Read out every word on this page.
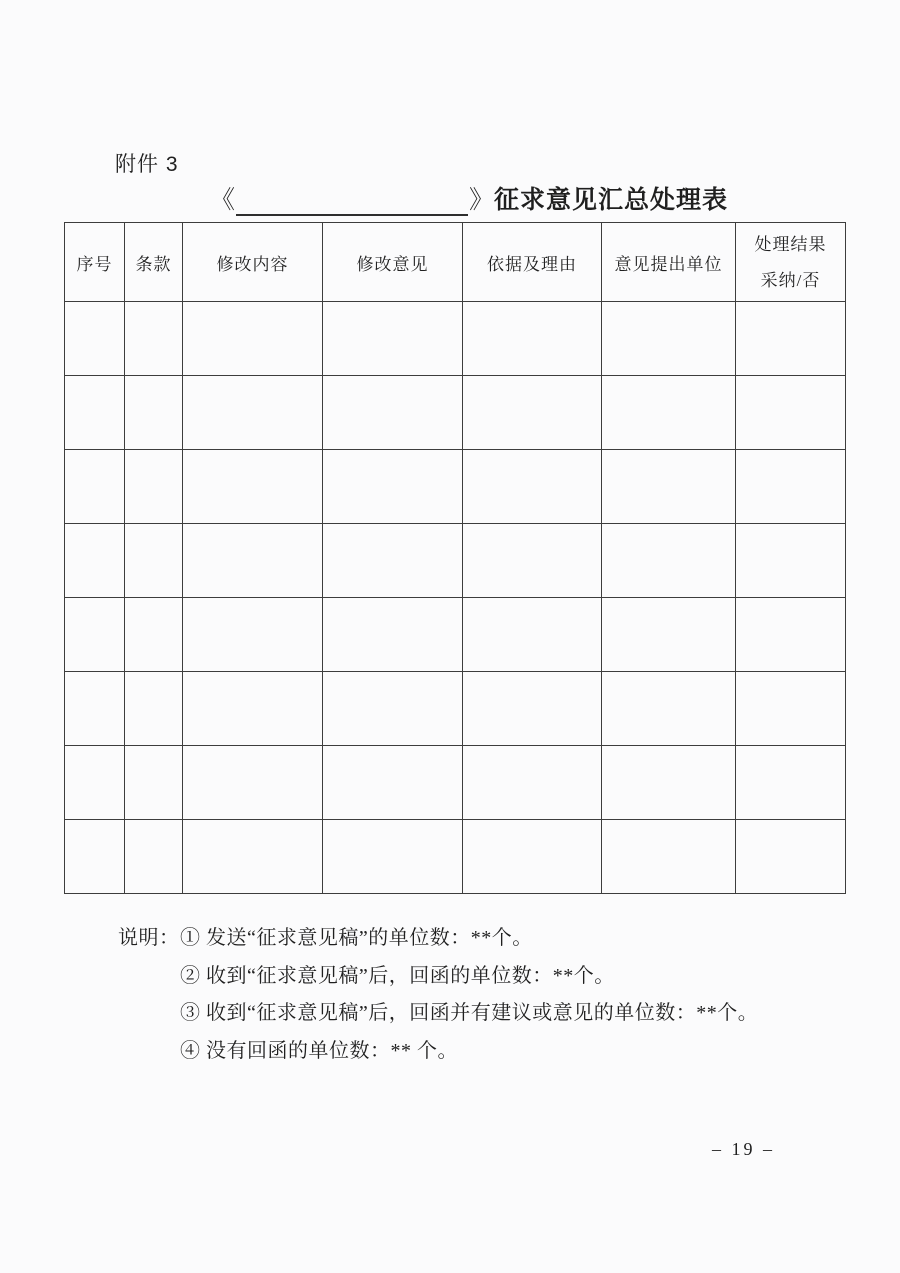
附件 3
《	》征求意见汇总处理表
序号	条款	修改内容	修改意见	依据及理由	意见提出单位	处理结果
采纳/否

说明： ① 发送“征求意见稿”的单位数：**个。
② 收到“征求意见稿”后，回函的单位数：**个。
③ 收到“征求意见稿”后，回函并有建议或意见的单位数：**个。
④ 没有回函的单位数：** 个。
– 19 –
